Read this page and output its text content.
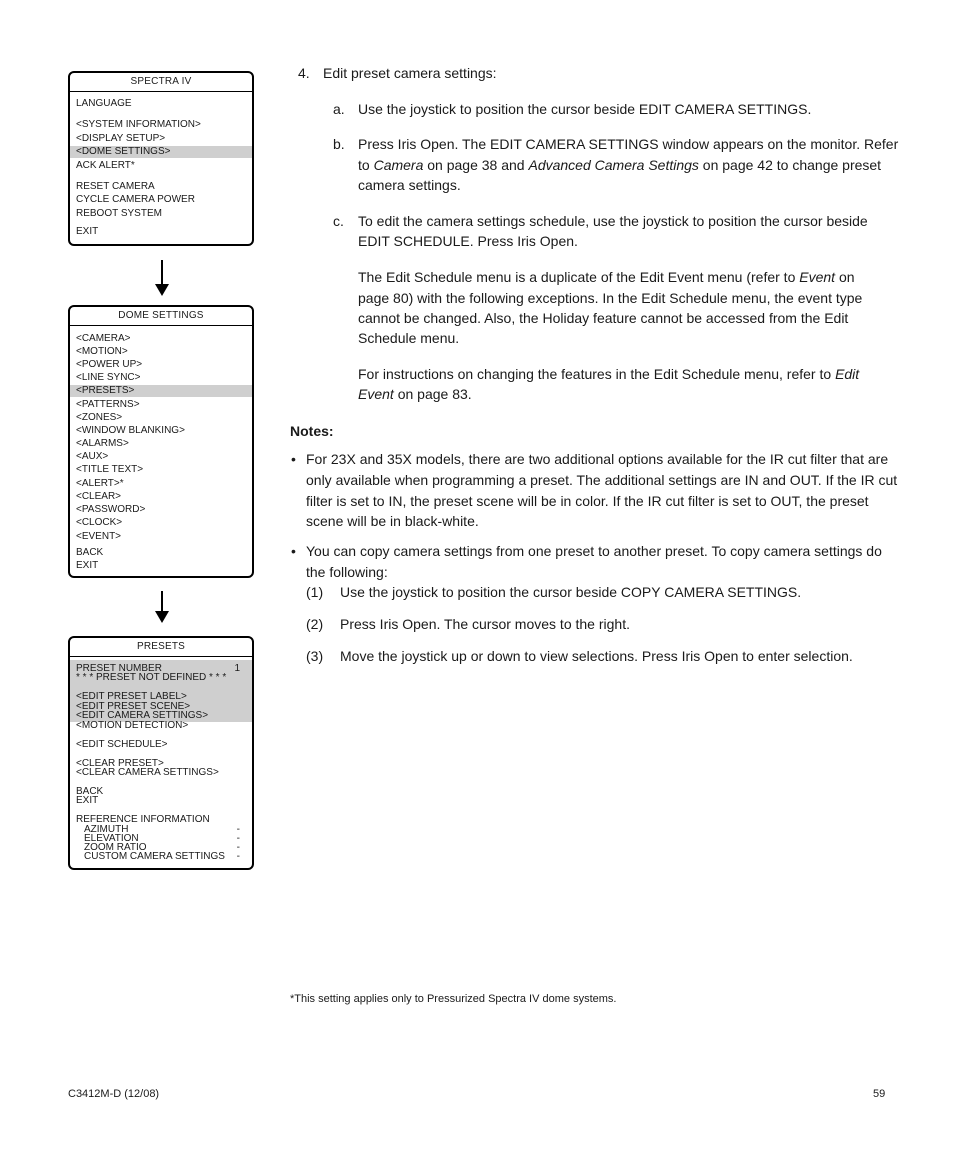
SPECTRA IV
LANGUAGE
<SYSTEM INFORMATION>
<DISPLAY SETUP>
<DOME SETTINGS>
ACK ALERT*
RESET CAMERA
CYCLE CAMERA POWER
REBOOT SYSTEM
EXIT
DOME SETTINGS
<CAMERA>
<MOTION>
<POWER UP>
<LINE SYNC>
<PRESETS>
<PATTERNS>
<ZONES>
<WINDOW BLANKING>
<ALARMS>
<AUX>
<TITLE TEXT>
<ALERT>*
<CLEAR>
<PASSWORD>
<CLOCK>
<EVENT>
BACK
EXIT
PRESETS
PRESET NUMBER	1
* * * PRESET NOT DEFINED * * *
<EDIT PRESET LABEL>
<EDIT PRESET SCENE>
<EDIT CAMERA SETTINGS>
<MOTION DETECTION>
<EDIT SCHEDULE>
<CLEAR PRESET>
<CLEAR CAMERA SETTINGS>
BACK
EXIT
REFERENCE INFORMATION
AZIMUTH	-
ELEVATION	-
ZOOM RATIO	-
CUSTOM CAMERA SETTINGS -
4. Edit preset camera settings:
a. Use the joystick to position the cursor beside EDIT CAMERA SETTINGS.
b. Press Iris Open. The EDIT CAMERA SETTINGS window appears on the monitor. Refer
to Camera on page 38 and Advanced Camera Settings on page 42 to change preset
camera settings.
c. To edit the camera settings schedule, use the joystick to position the cursor beside
EDIT SCHEDULE. Press Iris Open.
The Edit Schedule menu is a duplicate of the Edit Event menu (refer to Event on
page 80) with the following exceptions. In the Edit Schedule menu, the event type
cannot be changed. Also, the Holiday feature cannot be accessed from the Edit
Schedule menu.
For instructions on changing the features in the Edit Schedule menu, refer to Edit
Event on page 83.
Notes:
• For 23X and 35X models, there are two additional options available for the IR cut filter that are
only available when programming a preset. The additional settings are IN and OUT. If the IR cut
filter is set to IN, the preset scene will be in color. If the IR cut filter is set to OUT, the preset
scene will be in black-white.
• You can copy camera settings from one preset to another preset. To copy camera settings do
the following:
(1) Use the joystick to position the cursor beside COPY CAMERA SETTINGS.
(2) Press Iris Open. The cursor moves to the right.
(3) Move the joystick up or down to view selections. Press Iris Open to enter selection.
*This setting applies only to Pressurized Spectra IV dome systems.
C3412M-D (12/08)	59
